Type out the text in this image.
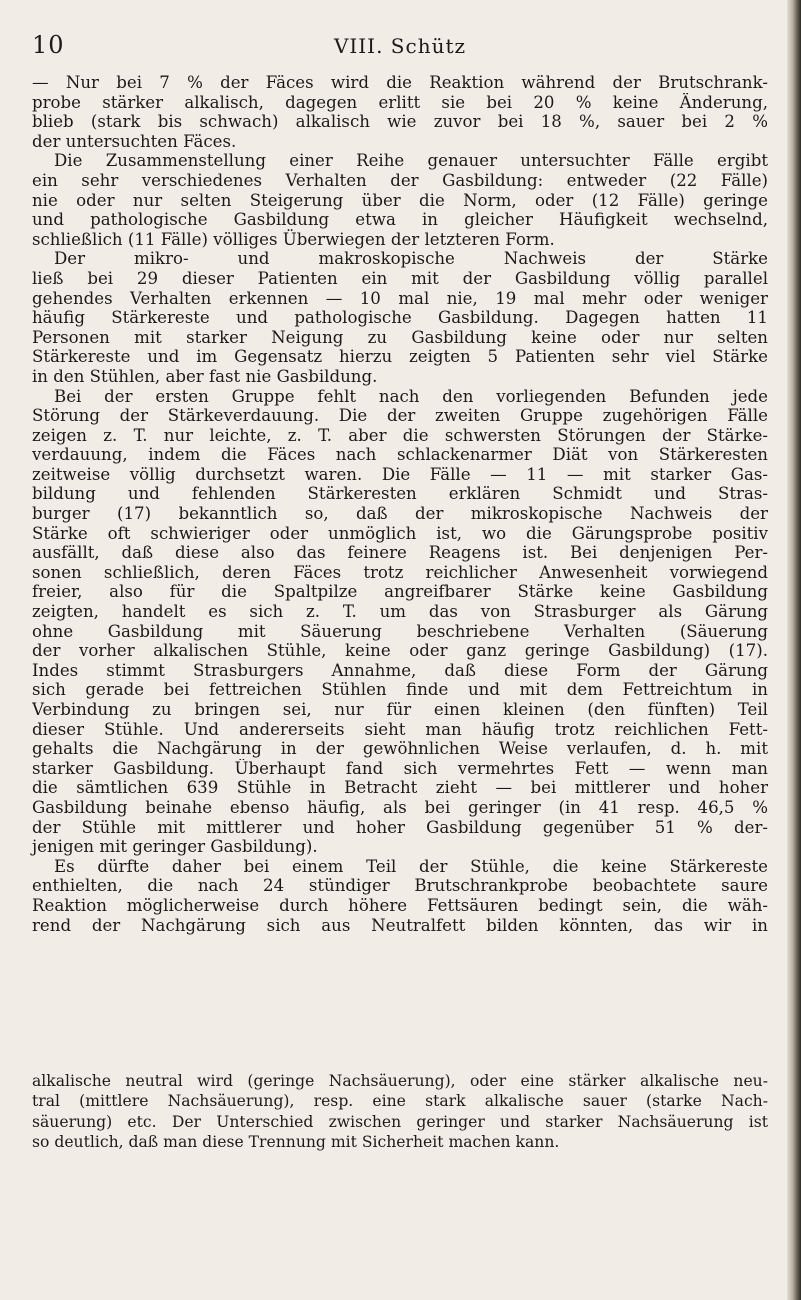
VIII. Schütz
10
— Nur bei 7 % der Fäces wird die Reaktion während der Brutschrank-
probe stärker alkalisch, dagegen erlitt sie bei 20 % keine Änderung,
blieb (stark bis schwach) alkalisch wie zuvor bei 18 %, sauer bei 2 %
der untersuchten Fäces.
Die Zusammenstellung einer Reihe genauer untersuchter Fälle ergibt
ein sehr verschiedenes Verhalten der Gasbildung: entweder (22 Fälle)
nie oder nur selten Steigerung über die Norm, oder (12 Fälle) geringe
und pathologische Gasbildung etwa in gleicher Häufigkeit wechselnd,
schließlich (11 Fälle) völliges Überwiegen der letzteren Form.
Der mikro- und makroskopische Nachweis der Stärke
ließ bei 29 dieser Patienten ein mit der Gasbildung völlig parallel
gehendes Verhalten erkennen — 10 mal nie, 19 mal mehr oder weniger
häufig Stärkereste und pathologische Gasbildung. Dagegen hatten 11
Personen mit starker Neigung zu Gasbildung keine oder nur selten
Stärkereste und im Gegensatz hierzu zeigten 5 Patienten sehr viel Stärke
in den Stühlen, aber fast nie Gasbildung.
Bei der ersten Gruppe fehlt nach den vorliegenden Befunden jede
Störung der Stärkeverdauung. Die der zweiten Gruppe zugehörigen Fälle
zeigen z. T. nur leichte, z. T. aber die schwersten Störungen der Stärke-
verdauung, indem die Fäces nach schlackenarmer Diät von Stärkeresten
zeitweise völlig durchsetzt waren. Die Fälle — 11 — mit starker Gas-
bildung und fehlenden Stärkeresten erklären Schmidt und Stras-
burger (17) bekanntlich so, daß der mikroskopische Nachweis der
Stärke oft schwieriger oder unmöglich ist, wo die Gärungsprobe positiv
ausfällt, daß diese also das feinere Reagens ist. Bei denjenigen Per-
sonen schließlich, deren Fäces trotz reichlicher Anwesenheit vorwiegend
freier, also für die Spaltpilze angreifbarer Stärke keine Gasbildung
zeigten, handelt es sich z. T. um das von Strasburger als Gärung
ohne Gasbildung mit Säuerung beschriebene Verhalten (Säuerung
der vorher alkalischen Stühle, keine oder ganz geringe Gasbildung) (17).
Indes stimmt Strasburgers Annahme, daß diese Form der Gärung
sich gerade bei fettreichen Stühlen finde und mit dem Fettreichtum in
Verbindung zu bringen sei, nur für einen kleinen (den fünften) Teil
dieser Stühle. Und andererseits sieht man häufig trotz reichlichen Fett-
gehalts die Nachgärung in der gewöhnlichen Weise verlaufen, d. h. mit
starker Gasbildung. Überhaupt fand sich vermehrtes Fett — wenn man
die sämtlichen 639 Stühle in Betracht zieht — bei mittlerer und hoher
Gasbildung beinahe ebenso häufig, als bei geringer (in 41 resp. 46,5 %
der Stühle mit mittlerer und hoher Gasbildung gegenüber 51 % der-
jenigen mit geringer Gasbildung).
Es dürfte daher bei einem Teil der Stühle, die keine Stärkereste
enthielten, die nach 24 stündiger Brutschrankprobe beobachtete saure
Reaktion möglicherweise durch höhere Fettsäuren bedingt sein, die wäh-
rend der Nachgärung sich aus Neutralfett bilden könnten, das wir in
alkalische neutral wird (geringe Nachsäuerung), oder eine stärker alkalische neu-
tral (mittlere Nachsäuerung), resp. eine stark alkalische sauer (starke Nach-
säuerung) etc. Der Unterschied zwischen geringer und starker Nachsäuerung ist
so deutlich, daß man diese Trennung mit Sicherheit machen kann.
